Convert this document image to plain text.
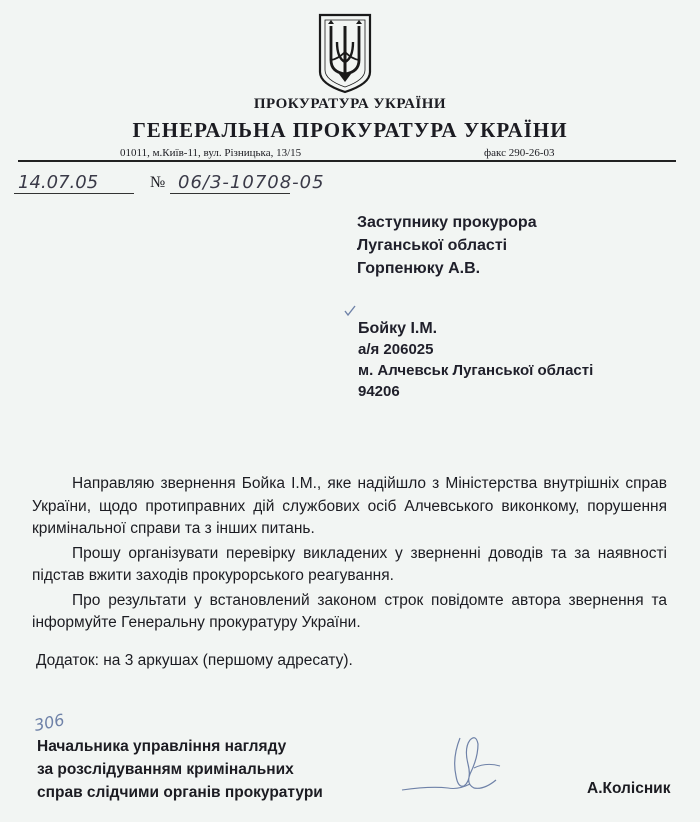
ПРОКУРАТУРА УКРАЇНИ
ГЕНЕРАЛЬНА ПРОКУРАТУРА УКРАЇНИ
01011, м.Київ-11, вул. Різницька, 13/15	факс 290-26-03
14.07.05	№ 06/3-10708-05
Заступнику прокурора
Луганської області
Горпенюку А.В.
Бойку І.М.
а/я 206025
м. Алчевськ Луганської області
94206

Направляю звернення Бойка І.М., яке надійшло з Міністерства внутрішніх справ України, щодо протиправних дій службових осіб Алчевського виконкому, порушення кримінальної справи та з інших питань.

Прошу організувати перевірку викладених у зверненні доводів та за наявності підстав вжити заходів прокурорського реагування.

Про результати у встановлений законом строк повідомте автора звернення та інформуйте Генеральну прокуратуру України.

Додаток: на 3 аркушах (першому адресату).
306
Начальника управління нагляду
за розслідуванням кримінальних
справ слідчими органів прокуратури	А.Колісник
